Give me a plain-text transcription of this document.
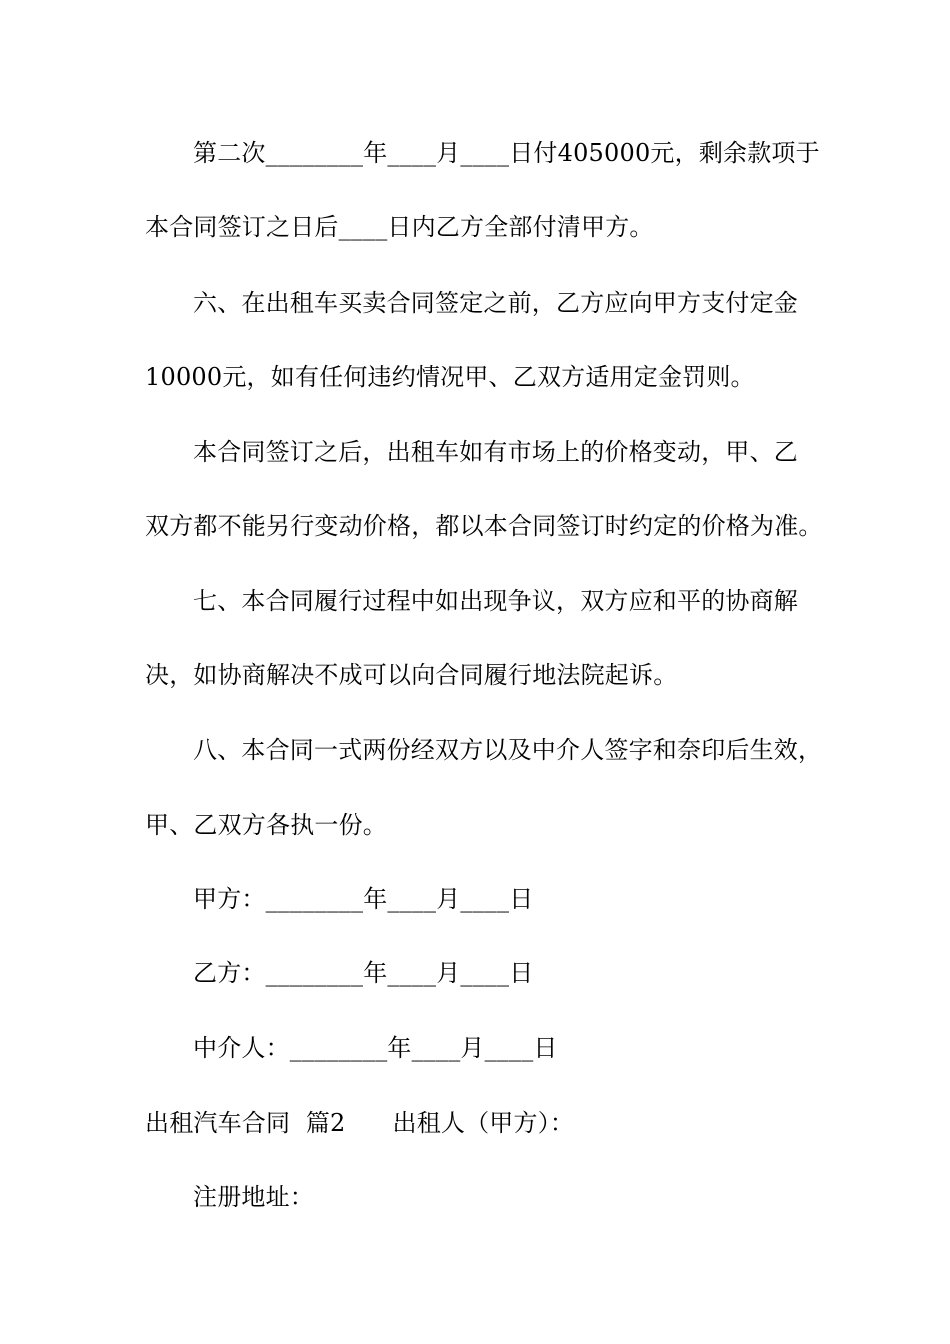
第二次________年____月____日付405000元，剩余款项于
本合同签订之日后____日内乙方全部付清甲方。
六、在出租车买卖合同签定之前，乙方应向甲方支付定金
10000元，如有任何违约情况甲、乙双方适用定金罚则。
本合同签订之后，出租车如有市场上的价格变动，甲、乙
双方都不能另行变动价格，都以本合同签订时约定的价格为准。
七、本合同履行过程中如出现争议，双方应和平的协商解
决，如协商解决不成可以向合同履行地法院起诉。
八、本合同一式两份经双方以及中介人签字和奈印后生效，
甲、乙双方各执一份。
甲方：________年____月____日
乙方：________年____月____日
中介人：________年____月____日
出租汽车合同  篇2      出租人（甲方）：
注册地址：
